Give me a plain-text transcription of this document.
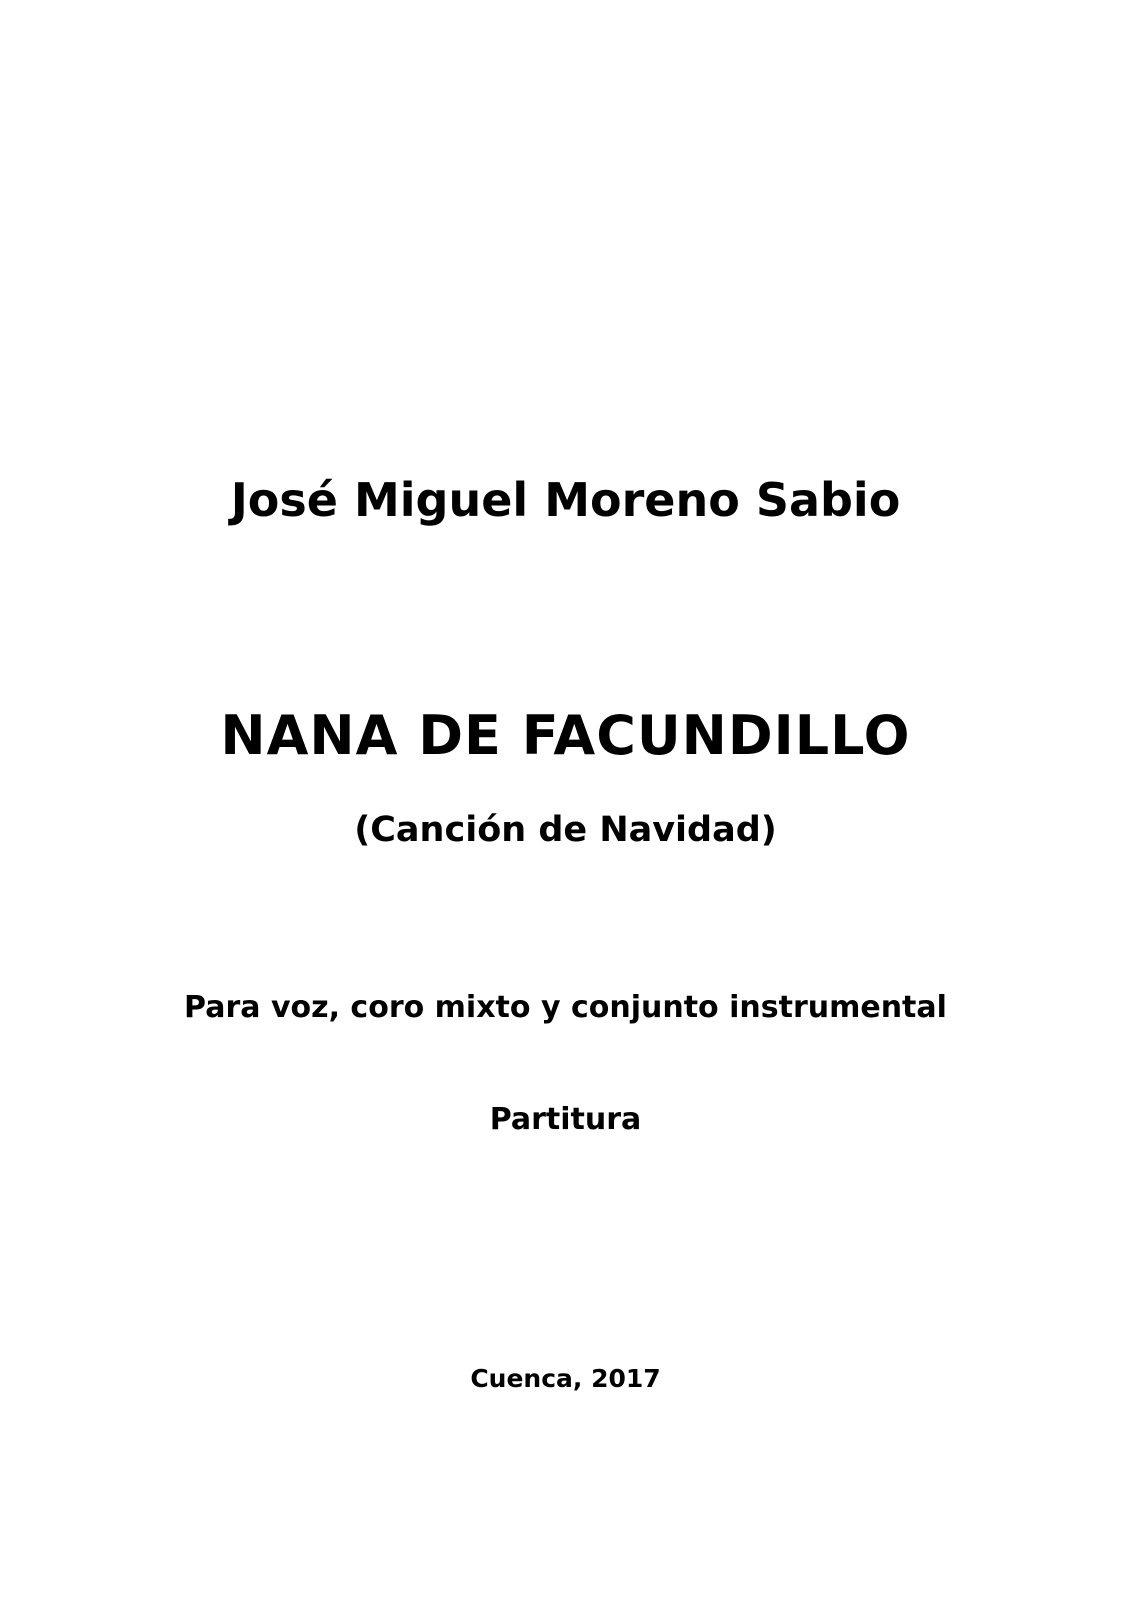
José Miguel Moreno Sabio
NANA DE FACUNDILLO
(Canción de Navidad)
Para voz, coro mixto y conjunto instrumental
Partitura
Cuenca, 2017
